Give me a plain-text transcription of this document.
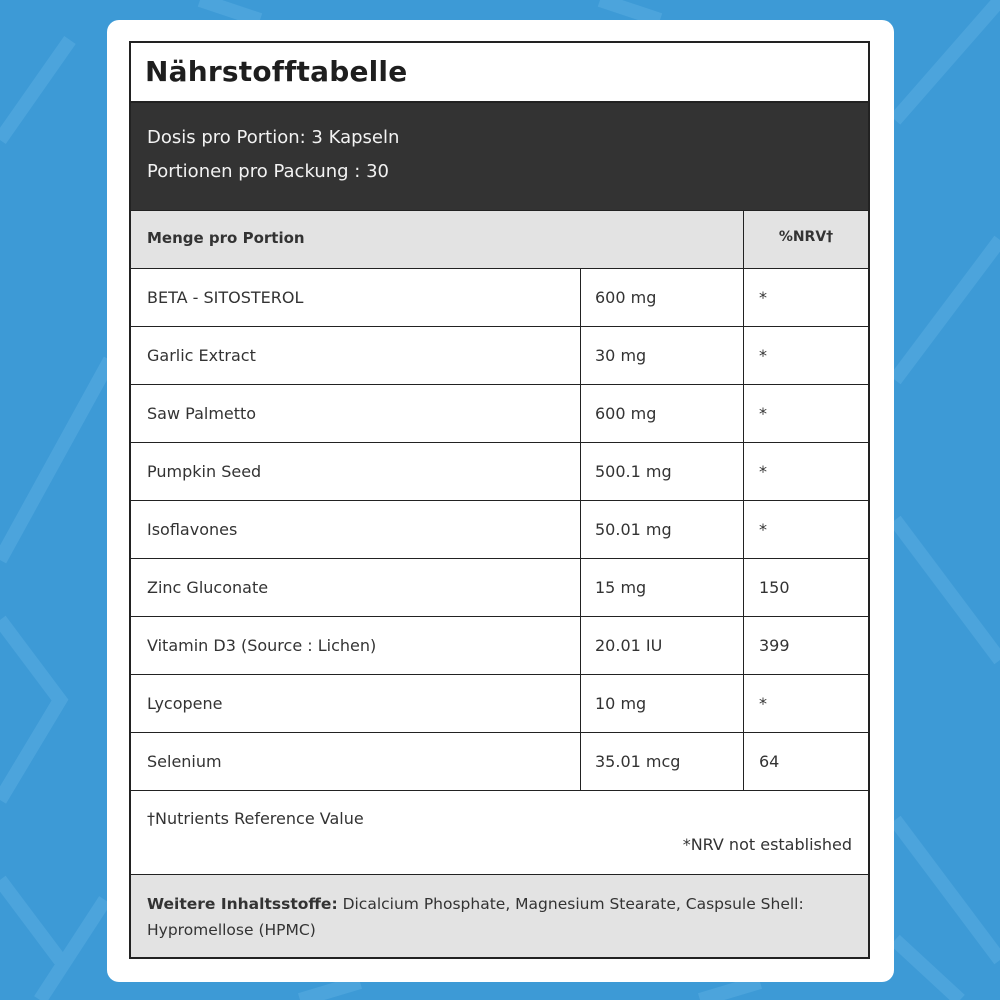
Nährstofftabelle
Dosis pro Portion: 3 Kapseln
Portionen pro Packung : 30
Menge pro Portion	%NRV†
BETA - SITOSTEROL	600 mg	*
Garlic Extract	30 mg	*
Saw Palmetto	600 mg	*
Pumpkin Seed	500.1 mg	*
Isoflavones	50.01 mg	*
Zinc Gluconate	15 mg	150
Vitamin D3 (Source : Lichen)	20.01 IU	399
Lycopene	10 mg	*
Selenium	35.01 mcg	64
†Nutrients Reference Value
*NRV not established

Weitere Inhaltsstoffe: Dicalcium Phosphate, Magnesium Stearate, Caspsule Shell: Hypromellose (HPMC)
